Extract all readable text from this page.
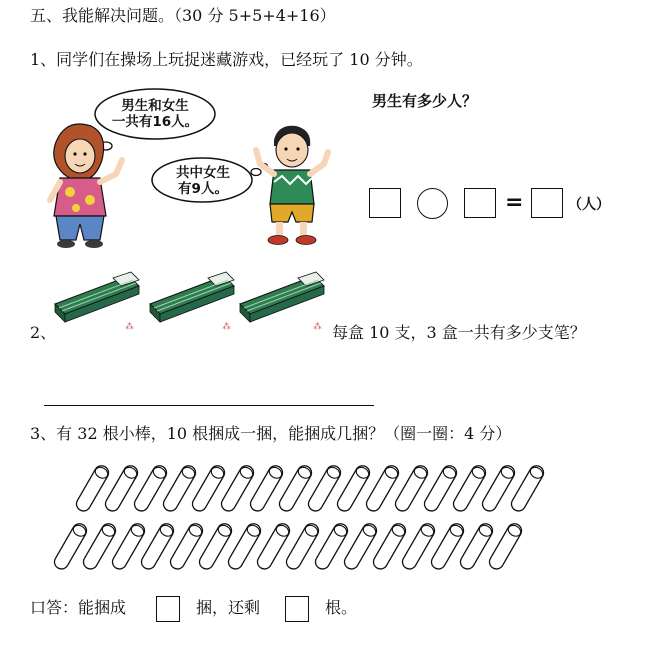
五、我能解决问题。（30 分 5+5+4+16）
1、同学们在操场上玩捉迷藏游戏，已经玩了 10 分钟。
男生和女生
一共有16人。
共中女生
有9人。
男生有多少人？
=	（人）
⁂	⁂	⁂
2、	每盒 10 支，3 盒一共有多少支笔？
3、有 32 根小棒，10 根捆成一捆，能捆成几捆？（圈一圈：4 分）
口答：能捆成	捆，还剩	根。
